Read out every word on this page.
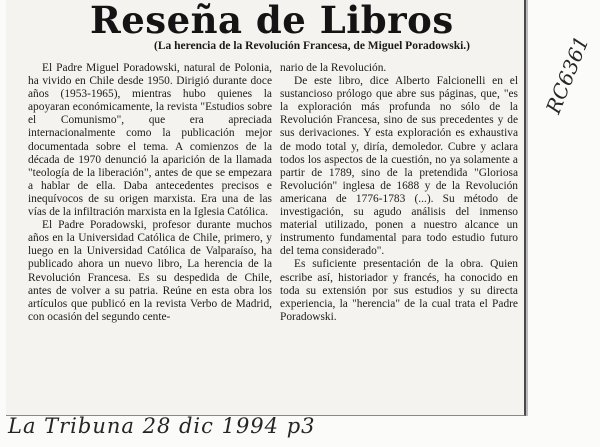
Reseña de Libros
(La herencia de la Revolución Francesa, de Miguel Poradowski.)

El Padre Miguel Poradowski, natural de Polonia, ha vivido en Chile desde 1950. Dirigió durante doce años (1953-1965), mientras hubo quienes la apoyaran económicamente, la revista "Estudios sobre el Comunismo", que era apreciada internacionalmente como la publicación mejor documentada sobre el tema. A comienzos de la década de 1970 denunció la aparición de la llamada "teología de la liberación", antes de que se empezara a hablar de ella. Daba antecedentes precisos e inequívocos de su origen marxista. Era una de las vías de la infiltración marxista en la Iglesia Católica.

El Padre Poradowski, profesor durante muchos años en la Universidad Católica de Chile, primero, y luego en la Universidad Católica de Valparaíso, ha publicado ahora un nuevo libro, La herencia de la Revolución Francesa. Es su despedida de Chile, antes de volver a su patria. Reúne en esta obra los artículos que publicó en la revista Verbo de Madrid, con ocasión del segundo cente-

nario de la Revolución.

De este libro, dice Alberto Falcionelli en el sustancioso prólogo que abre sus páginas, que, "es la exploración más profunda no sólo de la Revolución Francesa, sino de sus precedentes y de sus derivaciones. Y esta exploración es exhaustiva de modo total y, diría, demoledor. Cubre y aclara todos los aspectos de la cuestión, no ya solamente a partir de 1789, sino de la pretendida "Gloriosa Revolución" inglesa de 1688 y de la Revolución americana de 1776-1783 (...). Su método de investigación, su agudo análisis del inmenso material utilizado, ponen a nuestro alcance un instrumento fundamental para todo estudio futuro del tema considerado".

Es suficiente presentación de la obra. Quien escribe así, historiador y francés, ha conocido en toda su extensión por sus estudios y su directa experiencia, la "herencia" de la cual trata el Padre Poradowski.

RC6361
La Tribuna 28 dic 1994 p3
